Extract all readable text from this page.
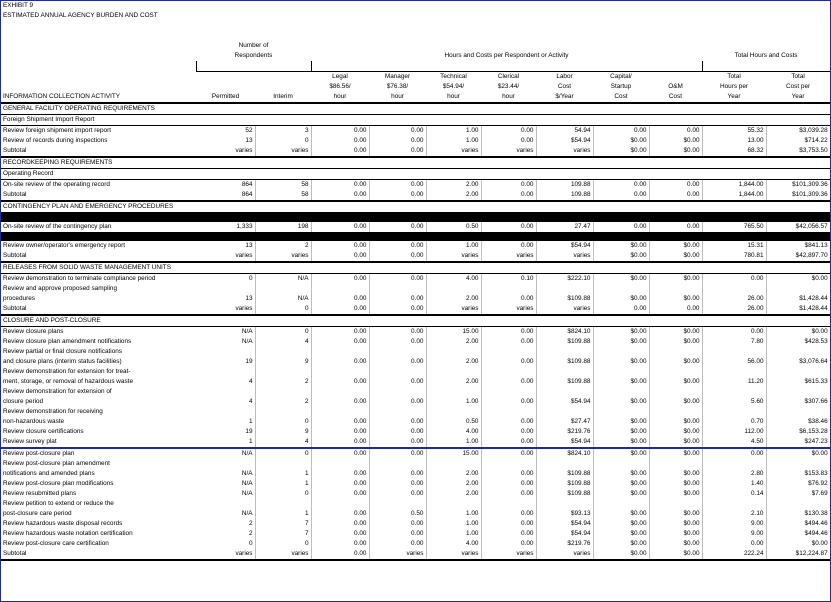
EXHIBIT 9											
ESTIMATED ANNUAL AGENCY BURDEN AND COST											

	Number of										
	Respondents		Hours and Costs per Respondent or Activity							Total Hours and Costs	

			Legal	Manager	Technical	Clerical	Labor	Capital/		Total	Total
			$86.56/	$76.38/	$54.94/	$23.44/	Cost	Startup	O&M	Hours per	Cost per
INFORMATION COLLECTION ACTIVITY	Permitted	Interim	hour	hour	hour	hour	$/Year	Cost	Cost	Year	Year
GENERAL FACILITY OPERATING REQUIREMENTS											
Foreign Shipment Import Report											
Review foreign shipment import report	52	3	0.00	0.00	1.00	0.00	54.94	0.00	0.00	55.32	$3,039.28
Review of records during inspections	13	0	0.00	0.00	1.00	0.00	$54.94	$0.00	$0.00	13.00	$714.22
Subtotal	varies	varies	0.00	0.00	varies	varies	varies	$0.00	$0.00	68.32	$3,753.50
RECORDKEEPING REQUIREMENTS											
Operating Record											
On-site review of the operating record	864	58	0.00	0.00	2.00	0.00	109.88	0.00	0.00	1,844.00	$101,309.36
Subtotal	864	58	0.00	0.00	2.00	0.00	109.88	0.00	0.00	1,844.00	$101,309.36
CONTINGENCY PLAN AND EMERGENCY PROCEDURES											

On-site review of the contingency plan	1,333	198	0.00	0.00	0.50	0.00	27.47	0.00	0.00	765.50	$42,056.57

Review owner/operator's emergency report	13	2	0.00	0.00	1.00	0.00	$54.94	$0.00	$0.00	15.31	$841.13
Subtotal	varies	varies	0.00	0.00	varies	varies	varies	$0.00	$0.00	780.81	$42,897.70
RELEASES FROM SOLID WASTE MANAGEMENT UNITS											
Review demonstration to terminate compliance period	0	N/A	0.00	0.00	4.00	0.10	$222.10	$0.00	$0.00	0.00	$0.00
Review and approve proposed sampling											
procedures	13	N/A	0.00	0.00	2.00	0.00	$109.88	$0.00	$0.00	26.00	$1,428.44
Subtotal	varies	0	0.00	0.00	varies	varies	varies	0.00	0.00	26.00	$1,428.44
CLOSURE AND POST-CLOSURE											
Review closure plans	N/A	0	0.00	0.00	15.00	0.00	$824.10	$0.00	$0.00	0.00	$0.00
Review closure plan amendment notifications	N/A	4	0.00	0.00	2.00	0.00	$109.88	$0.00	$0.00	7.80	$428.53
Review partial or final closure notifications											
and closure plans (interim status facilities)	19	9	0.00	0.00	2.00	0.00	$109.88	$0.00	$0.00	56.00	$3,076.64
Review demonstration for extension for treat-											
ment, storage, or removal of hazardous waste	4	2	0.00	0.00	2.00	0.00	$109.88	$0.00	$0.00	11.20	$615.33
Review demonstration for extension of											
closure period	4	2	0.00	0.00	1.00	0.00	$54.94	$0.00	$0.00	5.60	$307.66
Review demonstration for receiving											
non-hazardous waste	1	0	0.00	0.00	0.50	0.00	$27.47	$0.00	$0.00	0.70	$38.46
Review closure certifications	19	9	0.00	0.00	4.00	0.00	$219.76	$0.00	$0.00	112.00	$6,153.28
Review survey plat	1	4	0.00	0.00	1.00	0.00	$54.94	$0.00	$0.00	4.50	$247.23
Review post-closure plan	N/A	0	0.00	0.00	15.00	0.00	$824.10	$0.00	$0.00	0.00	$0.00
Review post-closure plan amendment											
notifications and amended plans	N/A	1	0.00	0.00	2.00	0.00	$109.88	$0.00	$0.00	2.80	$153.83
Review post-closure plan modifications	N/A	1	0.00	0.00	2.00	0.00	$109.88	$0.00	$0.00	1.40	$76.92
Review resubmitted plans	N/A	0	0.00	0.00	2.00	0.00	$109.88	$0.00	$0.00	0.14	$7.69
Review petition to extend or reduce the											
post-closure care period	N/A	1	0.00	0.50	1.00	0.00	$93.13	$0.00	$0.00	2.10	$130.38
Review hazardous waste disposal records	2	7	0.00	0.00	1.00	0.00	$54.94	$0.00	$0.00	9.00	$494.46
Review hazardous waste notation certification	2	7	0.00	0.00	1.00	0.00	$54.94	$0.00	$0.00	9.00	$494.46
Review post-closure care certification	0	0	0.00	0.00	4.00	0.00	$219.76	$0.00	$0.00	0.00	$0.00
Subtotal	varies	varies	0.00	varies	varies	varies	varies	$0.00	$0.00	222.24	$12,224.87
